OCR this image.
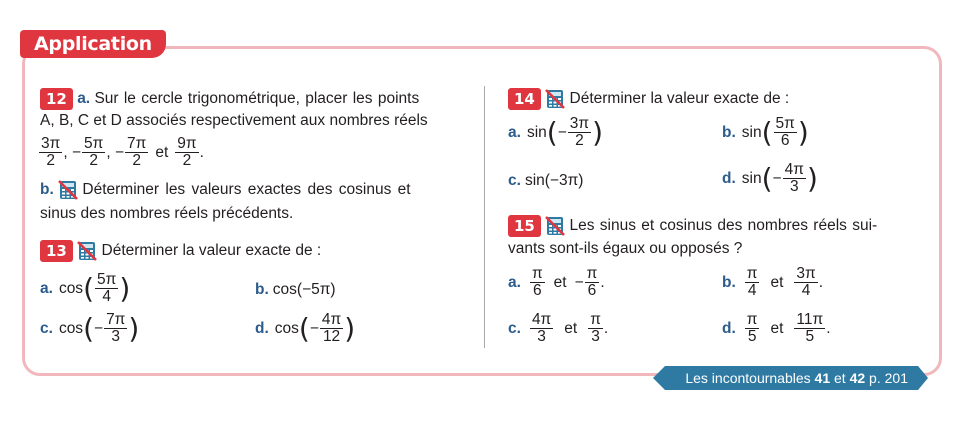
Application
12 a. Sur le cercle trigonométrique, placer les points
A, B, C et D associés respectivement aux nombres réels
$\frac{3\pi}{2}$ , − $\frac{5\pi}{2}$ , − $\frac{7\pi}{2}$ et $\frac{9\pi}{2}$ .
b. Déterminer les valeurs exactes des cosinus et
sinus des nombres réels précédents.
13 Déterminer la valeur exacte de :
a. cos ( $\frac{5\pi}{4}$ )	b. cos(−5π)
c. cos ( − $\frac{7\pi}{3}$ )	d. cos ( − $\frac{4\pi}{12}$ )
14 Déterminer la valeur exacte de :
a. sin ( − $\frac{3\pi}{2}$ )	b. sin ( $\frac{5\pi}{6}$ )
c. sin(−3π)	d. sin ( − $\frac{4\pi}{3}$ )
15 Les sinus et cosinus des nombres réels sui-
vants sont-ils égaux ou opposés ?
a. $\frac{\pi}{6}$ et − $\frac{\pi}{6}$ .	b. $\frac{\pi}{4}$ et $\frac{3\pi}{4}$ .
c. $\frac{4\pi}{3}$ et $\frac{\pi}{3}$ .	d. $\frac{\pi}{5}$ et $\frac{11\pi}{5}$ .
Les incontournables 41 et 42 p. 201
